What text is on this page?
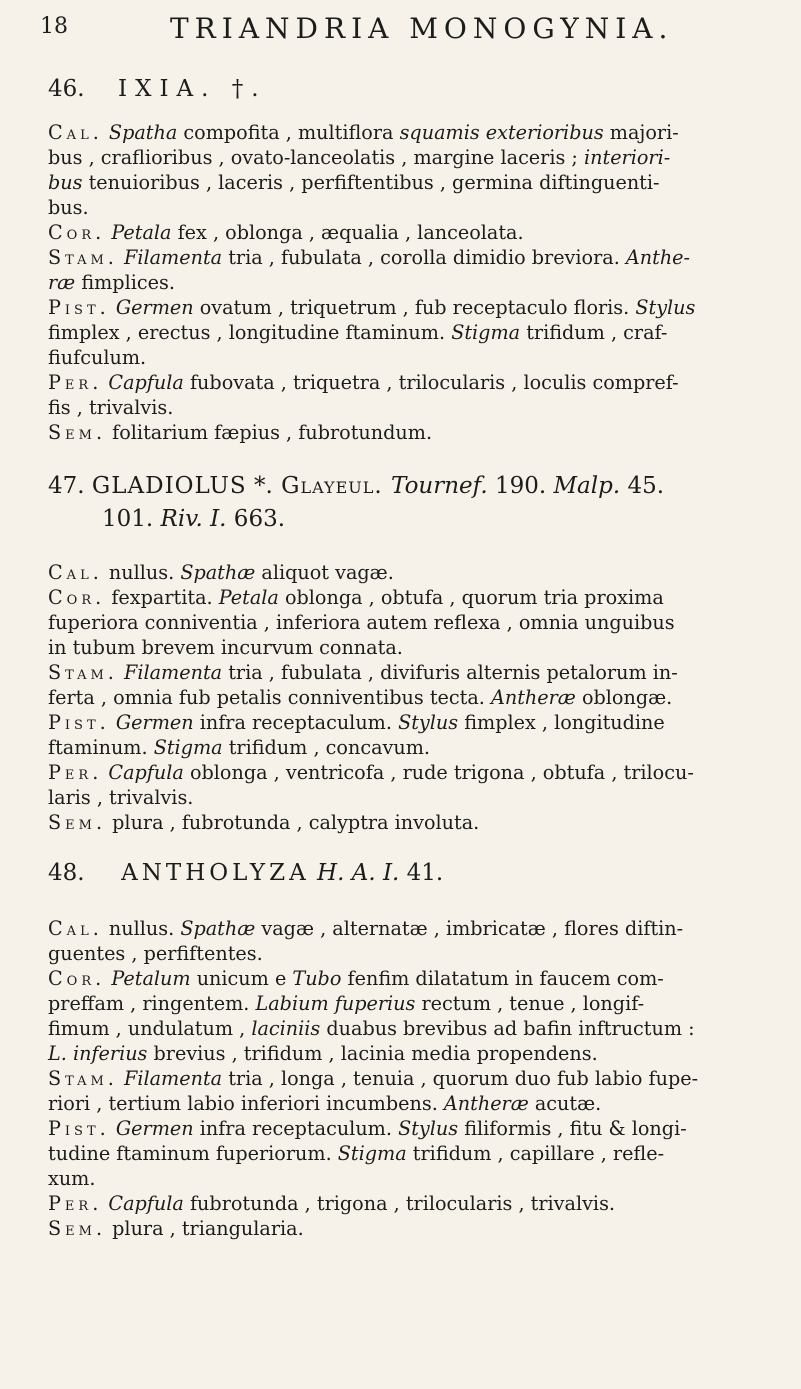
18	TRIANDRIA MONOGYNIA.
46. IXIA. †.

Cal. Spatha compofita , multiflora squamis exterioribus majori-
bus , craflioribus , ovato-lanceolatis , margine laceris ; interiori-
bus tenuioribus , laceris , perfiftentibus , germina diftinguenti-
bus.

Cor. Petala fex , oblonga , æqualia , lanceolata.

Stam. Filamenta tria , fubulata , corolla dimidio breviora. Anthe-
ræ fimplices.

Pist. Germen ovatum , triquetrum , fub receptaculo floris. Stylus
fimplex , erectus , longitudine ftaminum. Stigma trifidum , craf-
fiufculum.

Per. Capfula fubovata , triquetra , trilocularis , loculis compref-
fis , trivalvis.

Sem. folitarium fæpius , fubrotundum.

47. GLADIOLUS *. Glayeul. Tournef. 190. Malp. 45.
101. Riv. I. 663.

Cal. nullus. Spathæ aliquot vagæ.

Cor. fexpartita. Petala oblonga , obtufa , quorum tria proxima
fuperiora conniventia , inferiora autem reflexa , omnia unguibus
in tubum brevem incurvum connata.

Stam. Filamenta tria , fubulata , divifuris alternis petalorum in-
ferta , omnia fub petalis conniventibus tecta. Antheræ oblongæ.

Pist. Germen infra receptaculum. Stylus fimplex , longitudine
ftaminum. Stigma trifidum , concavum.

Per. Capfula oblonga , ventricofa , rude trigona , obtufa , trilocu-
laris , trivalvis.

Sem. plura , fubrotunda , calyptra involuta.

48. ANTHOLYZA H. A. I. 41.

Cal. nullus. Spathæ vagæ , alternatæ , imbricatæ , flores diftin-
guentes , perfiftentes.

Cor. Petalum unicum e Tubo fenfim dilatatum in faucem com-
preffam , ringentem. Labium fuperius rectum , tenue , longif-
fimum , undulatum , laciniis duabus brevibus ad bafin inftructum :
L. inferius brevius , trifidum , lacinia media propendens.

Stam. Filamenta tria , longa , tenuia , quorum duo fub labio fupe-
riori , tertium labio inferiori incumbens. Antheræ acutæ.

Pist. Germen infra receptaculum. Stylus filiformis , fitu & longi-
tudine ftaminum fuperiorum. Stigma trifidum , capillare , refle-
xum.

Per. Capfula fubrotunda , trigona , trilocularis , trivalvis.

Sem. plura , triangularia.
